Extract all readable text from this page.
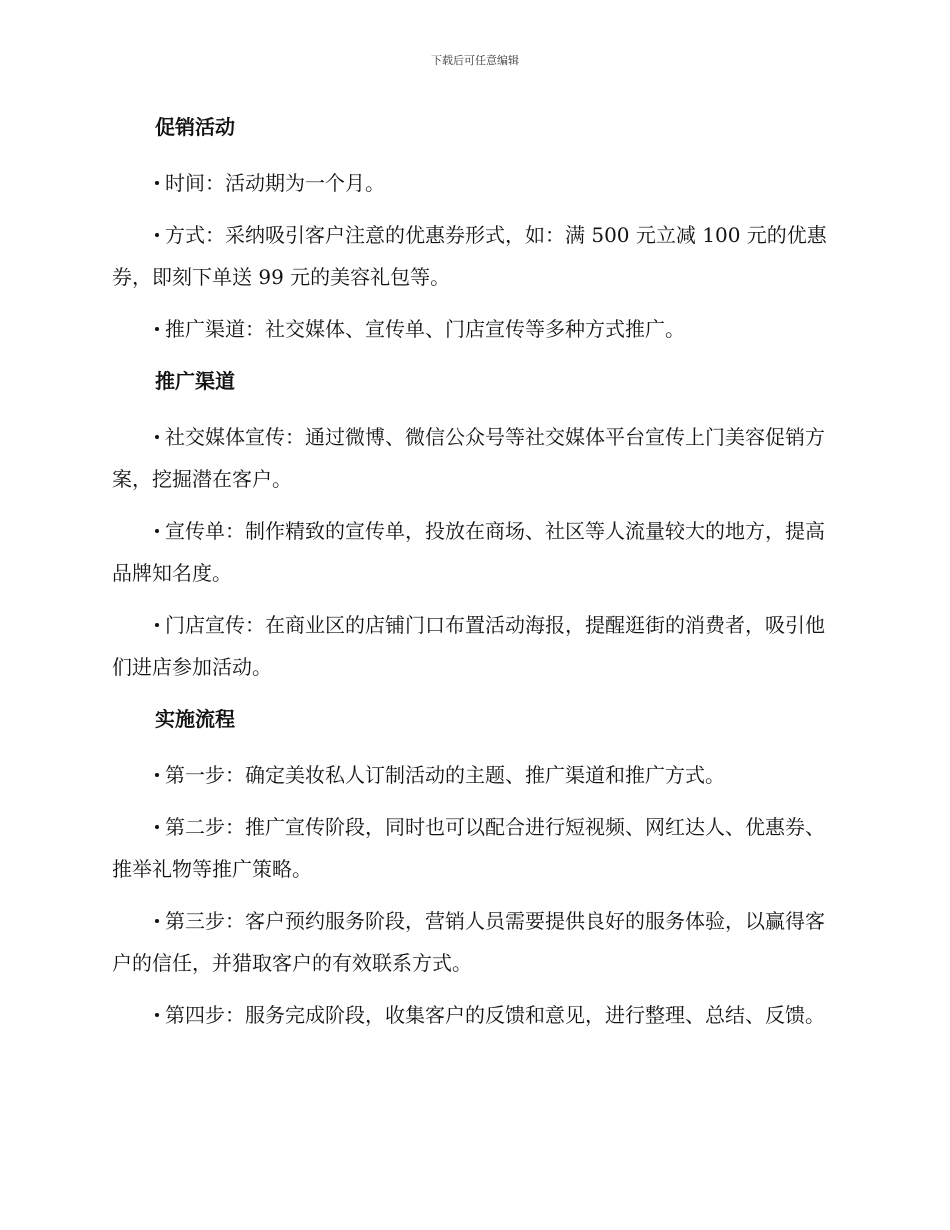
下载后可任意编辑
促销活动
时间：活动期为一个月。
方式：采纳吸引客户注意的优惠券形式，如：满 500 元立减 100 元的优惠券，即刻下单送 99 元的美容礼包等。
推广渠道：社交媒体、宣传单、门店宣传等多种方式推广。
推广渠道
社交媒体宣传：通过微博、微信公众号等社交媒体平台宣传上门美容促销方案，挖掘潜在客户。
宣传单：制作精致的宣传单，投放在商场、社区等人流量较大的地方，提高品牌知名度。
门店宣传：在商业区的店铺门口布置活动海报，提醒逛街的消费者，吸引他们进店参加活动。
实施流程
第一步：确定美妆私人订制活动的主题、推广渠道和推广方式。
第二步：推广宣传阶段，同时也可以配合进行短视频、网红达人、优惠券、推举礼物等推广策略。
第三步：客户预约服务阶段，营销人员需要提供良好的服务体验，以赢得客户的信任，并猎取客户的有效联系方式。
第四步：服务完成阶段，收集客户的反馈和意见，进行整理、总结、反馈。
